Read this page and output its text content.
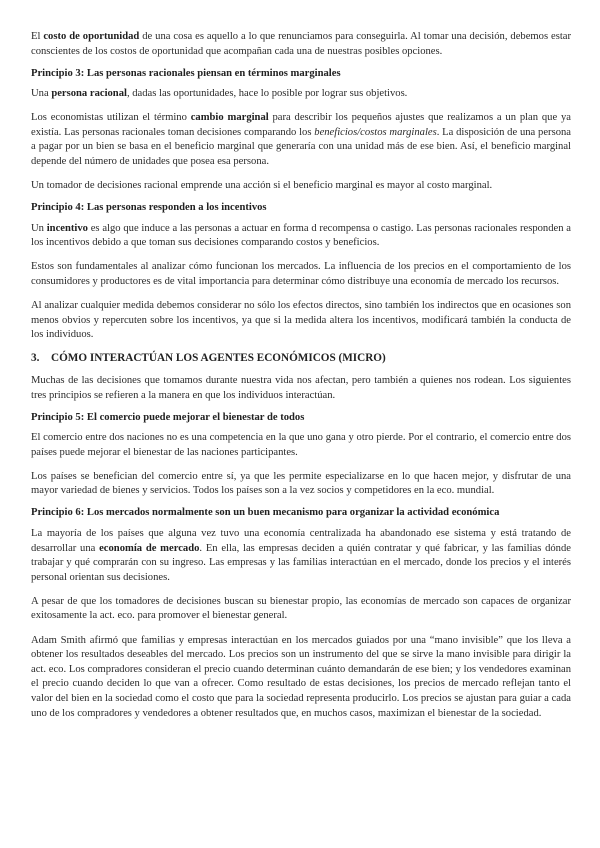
El costo de oportunidad de una cosa es aquello a lo que renunciamos para conseguirla. Al tomar una decisión, debemos estar conscientes de los costos de oportunidad que acompañan cada una de nuestras posibles opciones.

Principio 3: Las personas racionales piensan en términos marginales

Una persona racional, dadas las oportunidades, hace lo posible por lograr sus objetivos.

Los economistas utilizan el término cambio marginal para describir los pequeños ajustes que realizamos a un plan que ya existía. Las personas racionales toman decisiones comparando los beneficios/costos marginales. La disposición de una persona a pagar por un bien se basa en el beneficio marginal que generaría con una unidad más de ese bien. Así, el beneficio marginal depende del número de unidades que posea esa persona.

Un tomador de decisiones racional emprende una acción si el beneficio marginal es mayor al costo marginal.

Principio 4: Las personas responden a los incentivos

Un incentivo es algo que induce a las personas a actuar en forma d recompensa o castigo. Las personas racionales responden a los incentivos debido a que toman sus decisiones comparando costos y beneficios.

Estos son fundamentales al analizar cómo funcionan los mercados. La influencia de los precios en el comportamiento de los consumidores y productores es de vital importancia para determinar cómo distribuye una economía de mercado los recursos.

Al analizar cualquier medida debemos considerar no sólo los efectos directos, sino también los indirectos que en ocasiones son menos obvios y repercuten sobre los incentivos, ya que si la medida altera los incentivos, modificará también la conducta de los individuos.

3.	CÓMO INTERACTÚAN LOS AGENTES ECONÓMICOS (MICRO)

Muchas de las decisiones que tomamos durante nuestra vida nos afectan, pero también a quienes nos rodean. Los siguientes tres principios se refieren a la manera en que los individuos interactúan.

Principio 5: El comercio puede mejorar el bienestar de todos

El comercio entre dos naciones no es una competencia en la que uno gana y otro pierde. Por el contrario, el comercio entre dos países puede mejorar el bienestar de las naciones participantes.

Los países se benefician del comercio entre sí, ya que les permite especializarse en lo que hacen mejor, y disfrutar de una mayor variedad de bienes y servicios. Todos los países son a la vez socios y competidores en la eco. mundial.

Principio 6: Los mercados normalmente son un buen mecanismo para organizar la actividad económica

La mayoría de los países que alguna vez tuvo una economía centralizada ha abandonado ese sistema y está tratando de desarrollar una economía de mercado. En ella, las empresas deciden a quién contratar y qué fabricar, y las familias dónde trabajar y qué comprarán con su ingreso. Las empresas y las familias interactúan en el mercado, donde los precios y el interés personal orientan sus decisiones.

A pesar de que los tomadores de decisiones buscan su bienestar propio, las economías de mercado son capaces de organizar exitosamente la act. eco. para promover el bienestar general.

Adam Smith afirmó que familias y empresas interactúan en los mercados guiados por una “mano invisible” que los lleva a obtener los resultados deseables del mercado. Los precios son un instrumento del que se sirve la mano invisible para dirigir la act. eco. Los compradores consideran el precio cuando determinan cuánto demandarán de ese bien; y los vendedores examinan el precio cuando deciden lo que van a ofrecer. Como resultado de estas decisiones, los precios de mercado reflejan tanto el valor del bien en la sociedad como el costo que para la sociedad representa producirlo. Los precios se ajustan para guiar a cada uno de los compradores y vendedores a obtener resultados que, en muchos casos, maximizan el bienestar de la sociedad.
